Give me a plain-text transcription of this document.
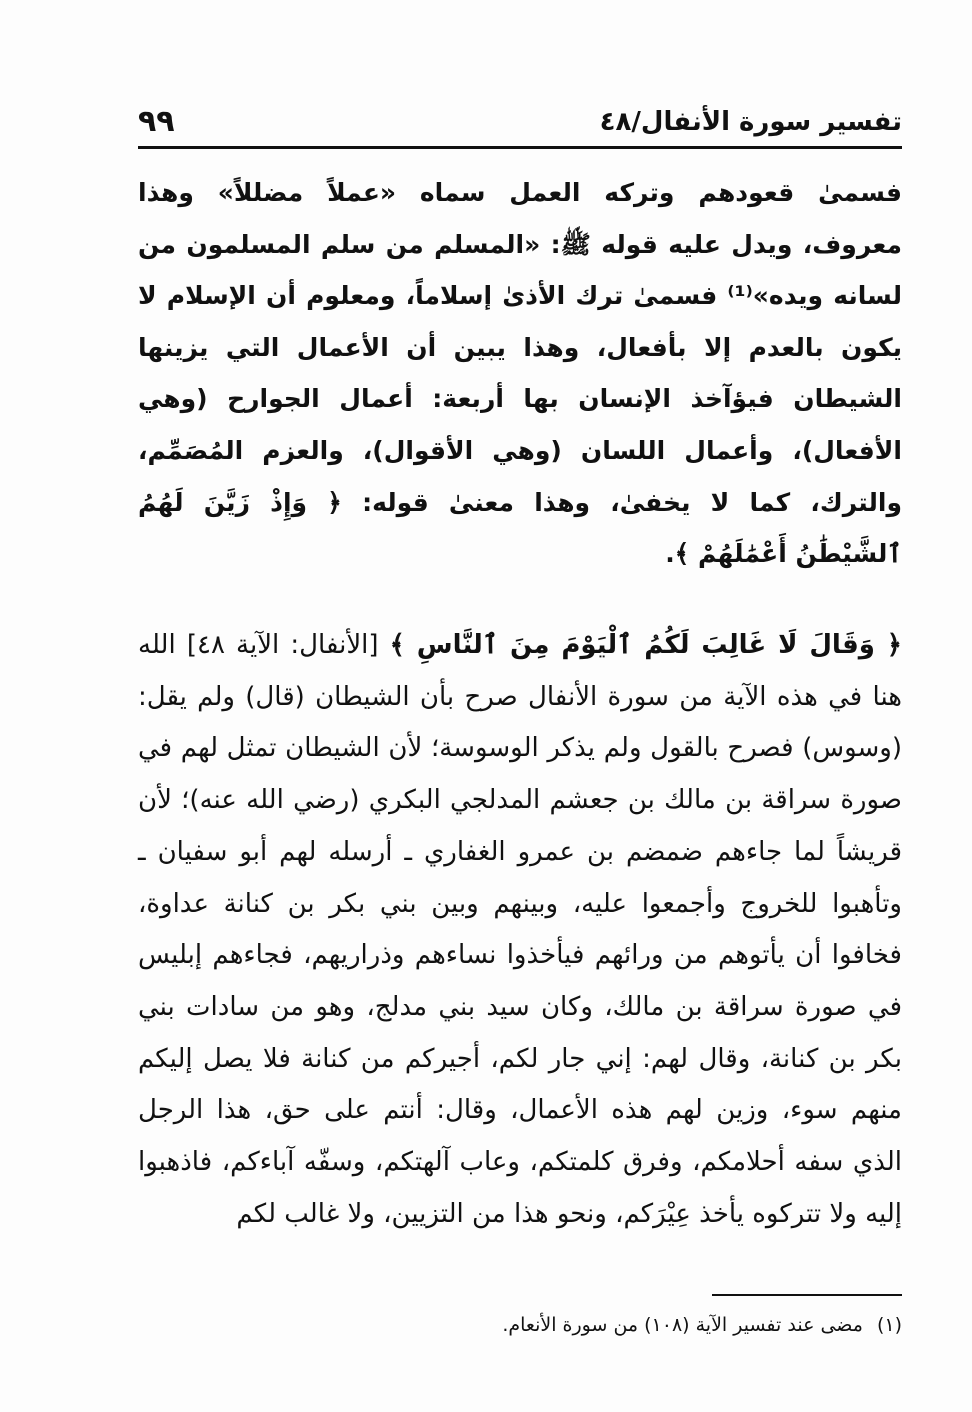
٩٩	تفسير سورة الأنفال/٤٨

فسمىٰ قعودهم وتركه العمل سماه «عملاً مضللاً» وهذا معروف، ويدل عليه قوله ﷺ: «المسلم من سلم المسلمون من لسانه ويده»⁽¹⁾ فسمىٰ ترك الأذىٰ إسلاماً، ومعلوم أن الإسلام لا يكون بالعدم إلا بأفعال، وهذا يبين أن الأعمال التي يزينها الشيطان فيؤآخذ الإنسان بها أربعة: أعمال الجوارح (وهي الأفعال)، وأعمال اللسان (وهي الأقوال)، والعزم المُصَمِّم، والترك، كما لا يخفىٰ، وهذا معنىٰ قوله: ﴿ وَإِذْ زَيَّنَ لَهُمُ ٱلشَّيْطَٰنُ أَعْمَٰلَهُمْ ﴾.

﴿ وَقَالَ لَا غَالِبَ لَكُمُ ٱلْيَوْمَ مِنَ ٱلنَّاسِ ﴾ [الأنفال: الآية ٤٨] الله هنا في هذه الآية من سورة الأنفال صرح بأن الشيطان (قال) ولم يقل: (وسوس) فصرح بالقول ولم يذكر الوسوسة؛ لأن الشيطان تمثل لهم في صورة سراقة بن مالك بن جعشم المدلجي البكري (رضي الله عنه)؛ لأن قريشاً لما جاءهم ضمضم بن عمرو الغفاري ـ أرسله لهم أبو سفيان ـ وتأهبوا للخروج وأجمعوا عليه، وبينهم وبين بني بكر بن كنانة عداوة، فخافوا أن يأتوهم من ورائهم فيأخذوا نساءهم وذراريهم، فجاءهم إبليس في صورة سراقة بن مالك، وكان سيد بني مدلج، وهو من سادات بني بكر بن كنانة، وقال لهم: إني جار لكم، أجيركم من كنانة فلا يصل إليكم منهم سوء، وزين لهم هذه الأعمال، وقال: أنتم على حق، هذا الرجل الذي سفه أحلامكم، وفرق كلمتكم، وعاب آلهتكم، وسفّه آباءكم، فاذهبوا إليه ولا تتركوه يأخذ عِيْرَكم، ونحو هذا من التزيين، ولا غالب لكم

(١)مضى عند تفسير الآية (١٠٨) من سورة الأنعام.
